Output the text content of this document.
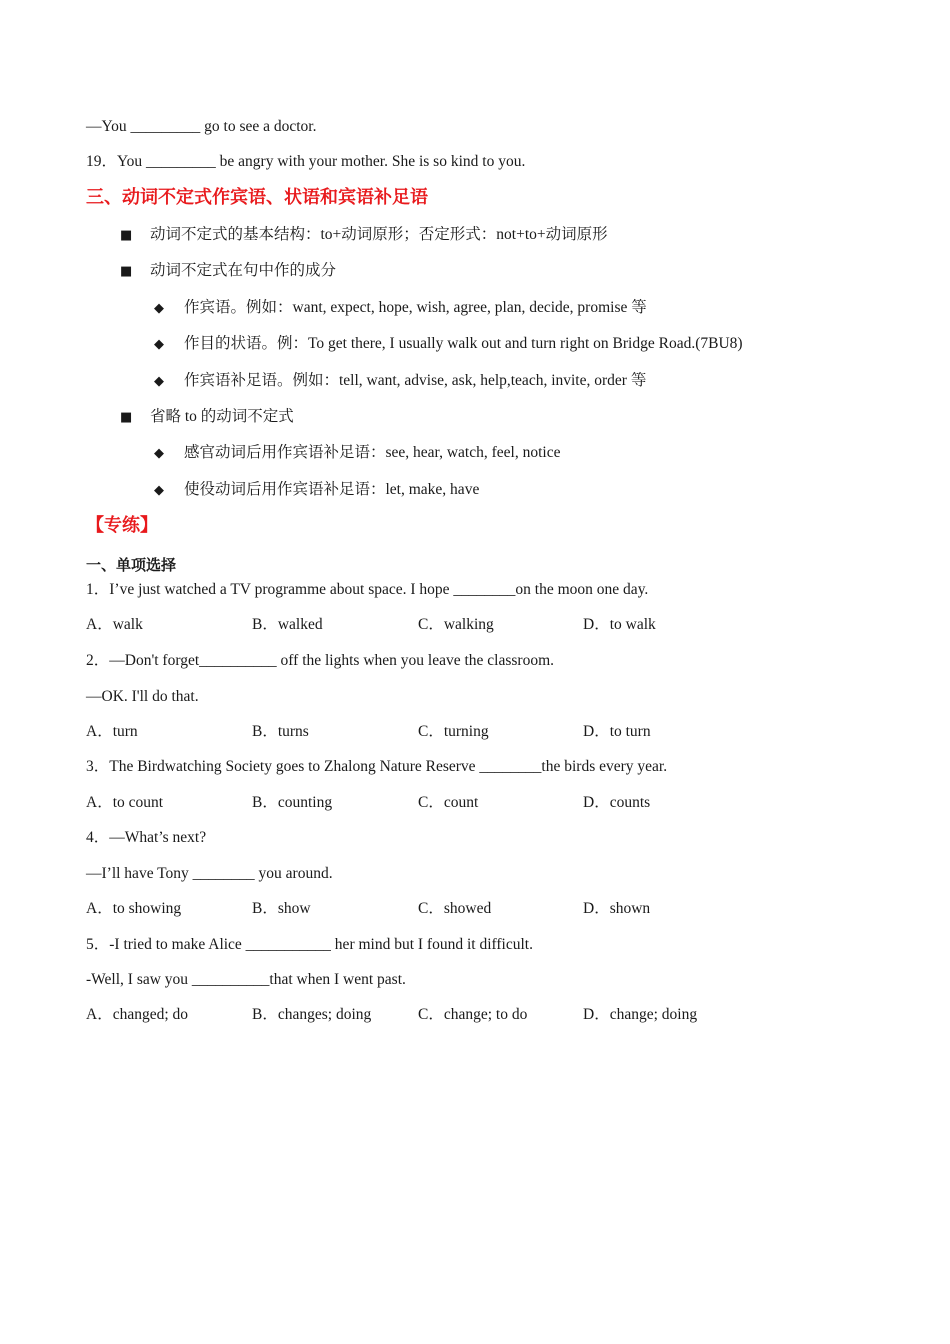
—You _________ go to see a doctor.
19．You _________ be angry with your mother. She is so kind to you.
三、动词不定式作宾语、状语和宾语补足语
■ 动词不定式的基本结构：to+动词原形；否定形式：not+to+动词原形
■ 动词不定式在句中作的成分
◆ 作宾语。例如：want, expect, hope, wish, agree, plan, decide, promise 等
◆ 作目的状语。例：To get there, I usually walk out and turn right on Bridge Road.(7BU8)
◆ 作宾语补足语。例如：tell, want, advise, ask, help,teach, invite, order 等
■ 省略 to 的动词不定式
◆ 感官动词后用作宾语补足语：see, hear, watch, feel, notice
◆ 使役动词后用作宾语补足语：let, make, have
【专练】
一、单项选择
1．I’ve just watched a TV programme about space. I hope ________on the moon one day.
A．walk	B．walked	C．walking	D．to walk
2．—Don't forget__________ off the lights when you leave the classroom.
—OK. I'll do that.
A．turn	B．turns	C．turning	D．to turn
3．The Birdwatching Society goes to Zhalong Nature Reserve ________the birds every year.
A．to count	B．counting	C．count	D．counts
4．—What’s next?
—I’ll have Tony ________ you around.
A．to showing	B．show	C．showed	D．shown
5．-I tried to make Alice ___________ her mind but I found it difficult.
-Well, I saw you __________that when I went past.
A．changed; do	B．changes; doing	C．change; to do	D．change; doing
